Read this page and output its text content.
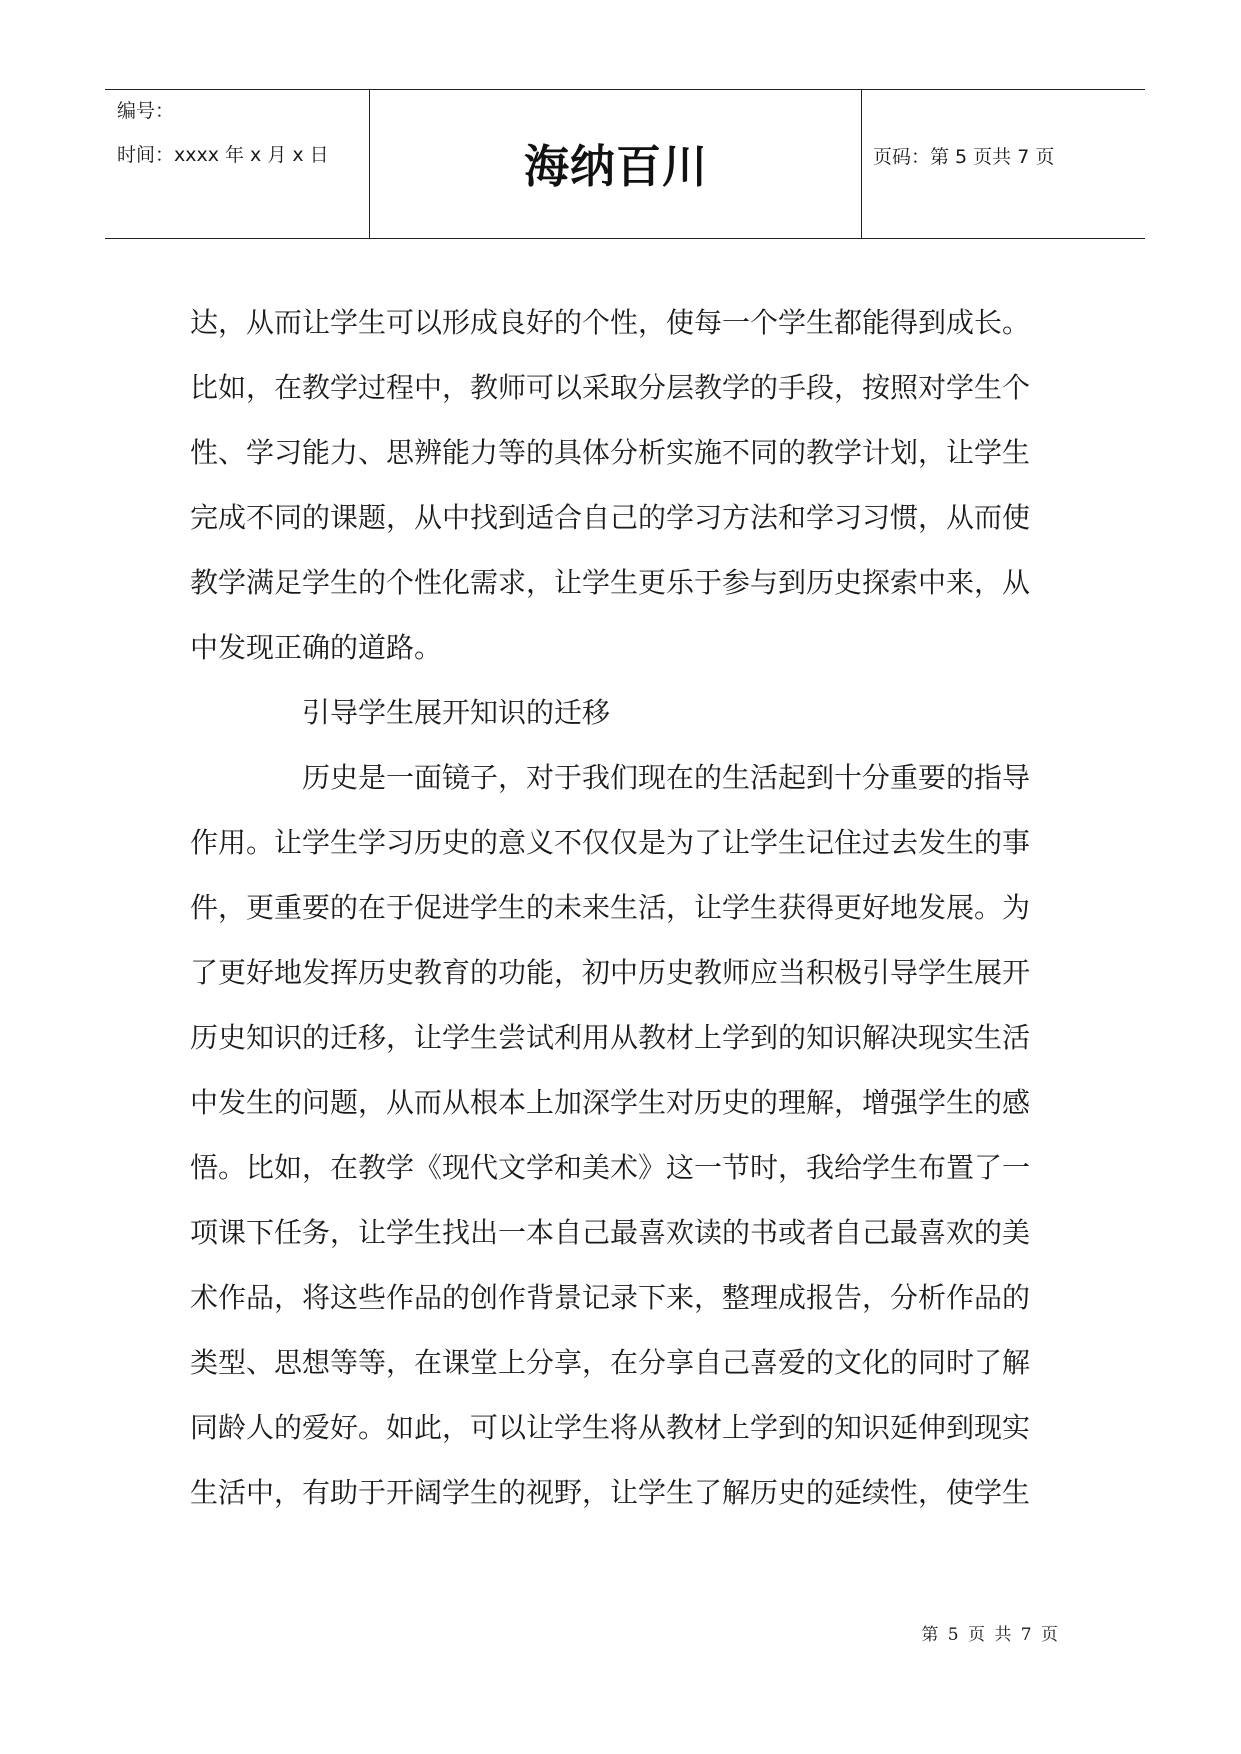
编号：
时间：xxxx 年 x 月 x 日	海纳百川	页码：第 5 页共 7 页
达，从而让学生可以形成良好的个性，使每一个学生都能得到成长。
比如，在教学过程中，教师可以采取分层教学的手段，按照对学生个
性、学习能力、思辨能力等的具体分析实施不同的教学计划，让学生
完成不同的课题，从中找到适合自己的学习方法和学习习惯，从而使
教学满足学生的个性化需求，让学生更乐于参与到历史探索中来，从
中发现正确的道路。
引导学生展开知识的迁移
历史是一面镜子，对于我们现在的生活起到十分重要的指导
作用。让学生学习历史的意义不仅仅是为了让学生记住过去发生的事
件，更重要的在于促进学生的未来生活，让学生获得更好地发展。为
了更好地发挥历史教育的功能，初中历史教师应当积极引导学生展开
历史知识的迁移，让学生尝试利用从教材上学到的知识解决现实生活
中发生的问题，从而从根本上加深学生对历史的理解，增强学生的感
悟。比如，在教学《现代文学和美术》这一节时，我给学生布置了一
项课下任务，让学生找出一本自己最喜欢读的书或者自己最喜欢的美
术作品，将这些作品的创作背景记录下来，整理成报告，分析作品的
类型、思想等等，在课堂上分享，在分享自己喜爱的文化的同时了解
同龄人的爱好。如此，可以让学生将从教材上学到的知识延伸到现实
生活中，有助于开阔学生的视野，让学生了解历史的延续性，使学生
第 5 页 共 7 页
